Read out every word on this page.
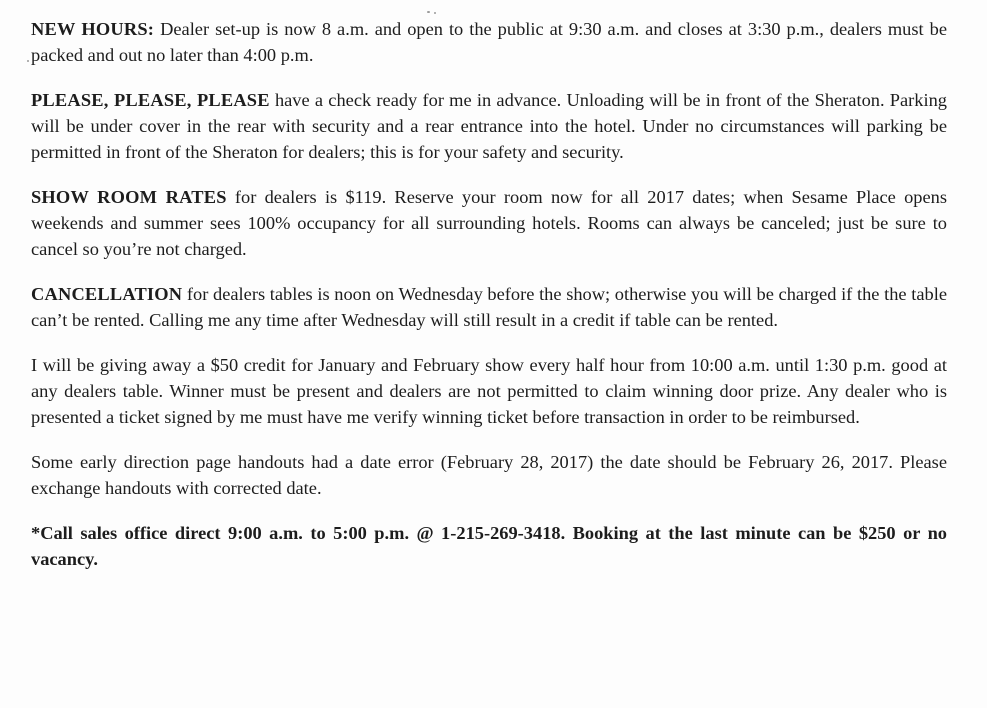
NEW HOURS: Dealer set-up is now 8 a.m. and open to the public at 9:30 a.m. and closes at 3:30 p.m., dealers must be packed and out no later than 4:00 p.m.

PLEASE, PLEASE, PLEASE have a check ready for me in advance. Unloading will be in front of the Sheraton. Parking will be under cover in the rear with security and a rear entrance into the hotel. Under no circumstances will parking be permitted in front of the Sheraton for dealers; this is for your safety and security.

SHOW ROOM RATES for dealers is $119. Reserve your room now for all 2017 dates; when Sesame Place opens weekends and summer sees 100% occupancy for all surrounding hotels. Rooms can always be canceled; just be sure to cancel so you’re not charged.

CANCELLATION for dealers tables is noon on Wednesday before the show; otherwise you will be charged if the the table can’t be rented. Calling me any time after Wednesday will still result in a credit if table can be rented.

I will be giving away a $50 credit for January and February show every half hour from 10:00 a.m. until 1:30 p.m. good at any dealers table. Winner must be present and dealers are not permitted to claim winning door prize. Any dealer who is presented a ticket signed by me must have me verify winning ticket before transaction in order to be reimbursed.

Some early direction page handouts had a date error (February 28, 2017) the date should be February 26, 2017. Please exchange handouts with corrected date.

*Call sales office direct 9:00 a.m. to 5:00 p.m. @ 1-215-269-3418. Booking at the last minute can be $250 or no vacancy.
